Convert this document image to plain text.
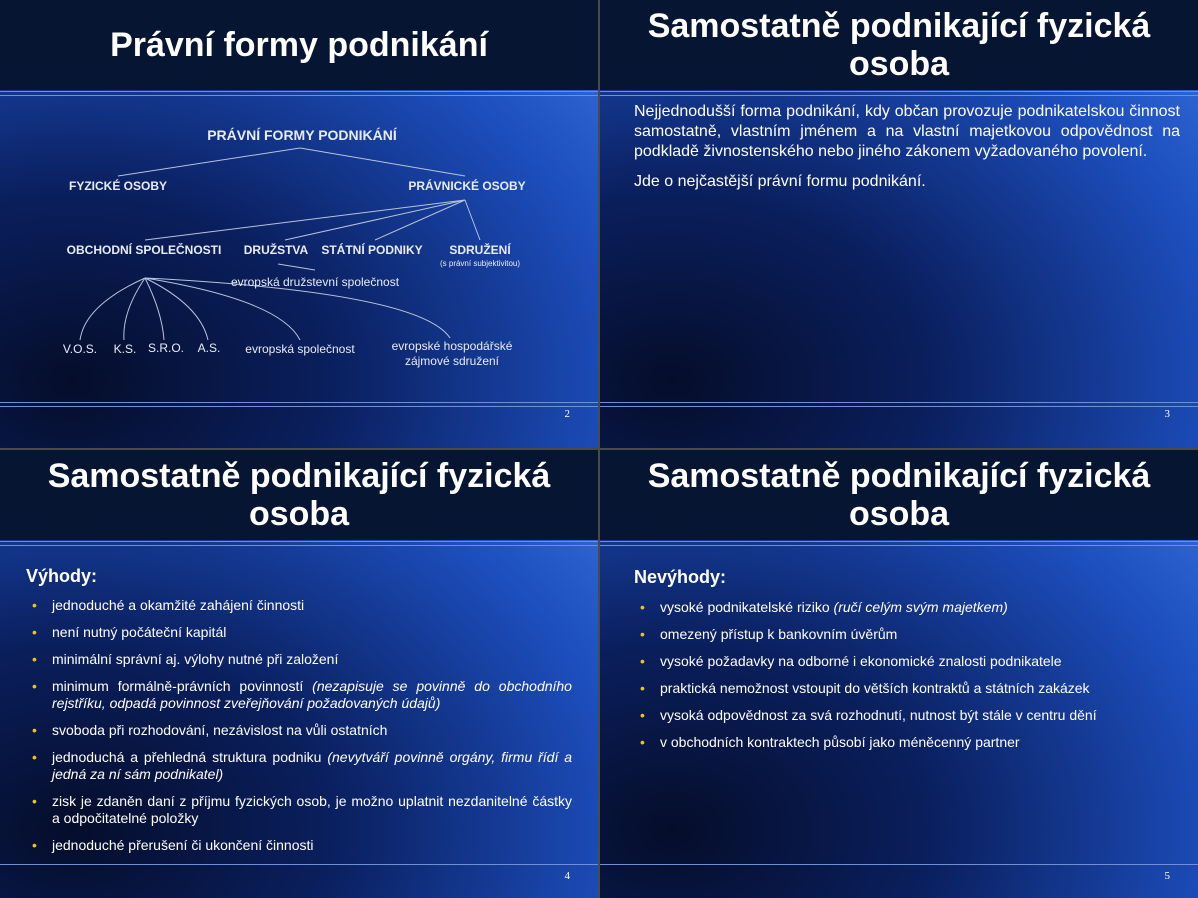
Právní formy podnikání
PRÁVNÍ FORMY PODNIKÁNÍ
FYZICKÉ OSOBY	PRÁVNICKÉ OSOBY
OBCHODNÍ SPOLEČNOSTI DRUŽSTVA STÁTNÍ PODNIKY SDRUŽENÍ
(s právní subjektivitou)
evropská družstevní společnost
V.O.S. K.S. S.R.O. A.S. evropská společnost	evropské hospodářské
zájmové sdružení
2
Samostatně podnikající fyzická
osoba

Nejjednodušší forma podnikání, kdy občan provozuje podnikatelskou činnost samostatně, vlastním jménem a na vlastní majetkovou odpovědnost na podkladě živnostenského nebo jiného zákonem vyžadovaného povolení.

Jde o nejčastější právní formu podnikání.

3
Samostatně podnikající fyzická
osoba
Výhody:
• jednoduché a okamžité zahájení činnosti
• není nutný počáteční kapitál
• minimální správní aj. výlohy nutné při založení
• minimum formálně-právních povinností (nezapisuje se povinně do obchodního rejstříku, odpadá povinnost zveřejňování požadovaných údajů)
• svoboda při rozhodování, nezávislost na vůli ostatních
• jednoduchá a přehledná struktura podniku (nevytváří povinně orgány, firmu řídí a jedná za ní sám podnikatel)
• zisk je zdaněn daní z příjmu fyzických osob, je možno uplatnit nezdanitelné částky a odpočitatelné položky
• jednoduché přerušení či ukončení činnosti
4
Samostatně podnikající fyzická
osoba
Nevýhody:
• vysoké podnikatelské riziko (ručí celým svým majetkem)
• omezený přístup k bankovním úvěrům
• vysoké požadavky na odborné i ekonomické znalosti podnikatele
• praktická nemožnost vstoupit do větších kontraktů a státních zakázek
• vysoká odpovědnost za svá rozhodnutí, nutnost být stále v centru dění
• v obchodních kontraktech působí jako méněcenný partner
5
